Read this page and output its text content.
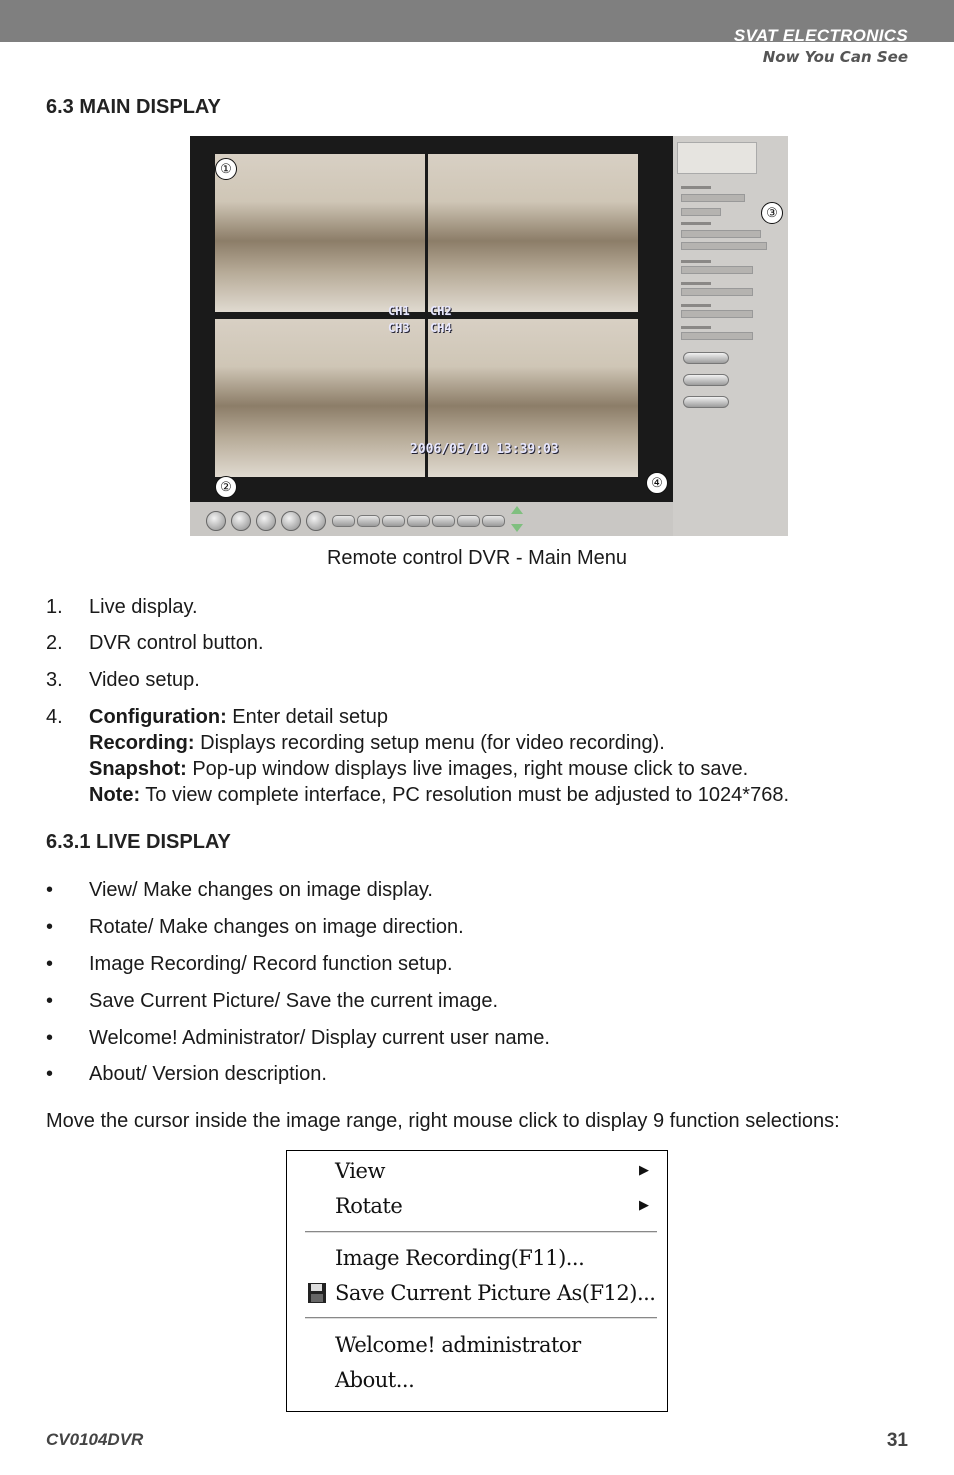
SVAT ELECTRONICS
Now You Can See
6.3 MAIN DISPLAY
CH1 CH2
CH3 CH4
2006/05/10 13:39:03
①
②	④
③
Remote control DVR - Main Menu
1.	Live display.
2.	DVR control button.
3.	Video setup.
4.	Configuration: Enter detail setup
Recording: Displays recording setup menu (for video recording).
Snapshot: Pop-up window displays live images, right mouse click to save.
Note: To view complete interface, PC resolution must be adjusted to 1024*768.
6.3.1 LIVE DISPLAY
•	View/ Make changes on image display.
•	Rotate/ Make changes on image direction.
•	Image Recording/ Record function setup.
•	Save Current Picture/ Save the current image.
•	Welcome! Administrator/ Display current user name.
•	About/ Version description.
Move the cursor inside the image range, right mouse click to display 9 function selections:
View	▶
Rotate	▶
Image Recording(F11)...
Save Current Picture As(F12)...
Welcome! administrator
About...
CV0104DVR	31
